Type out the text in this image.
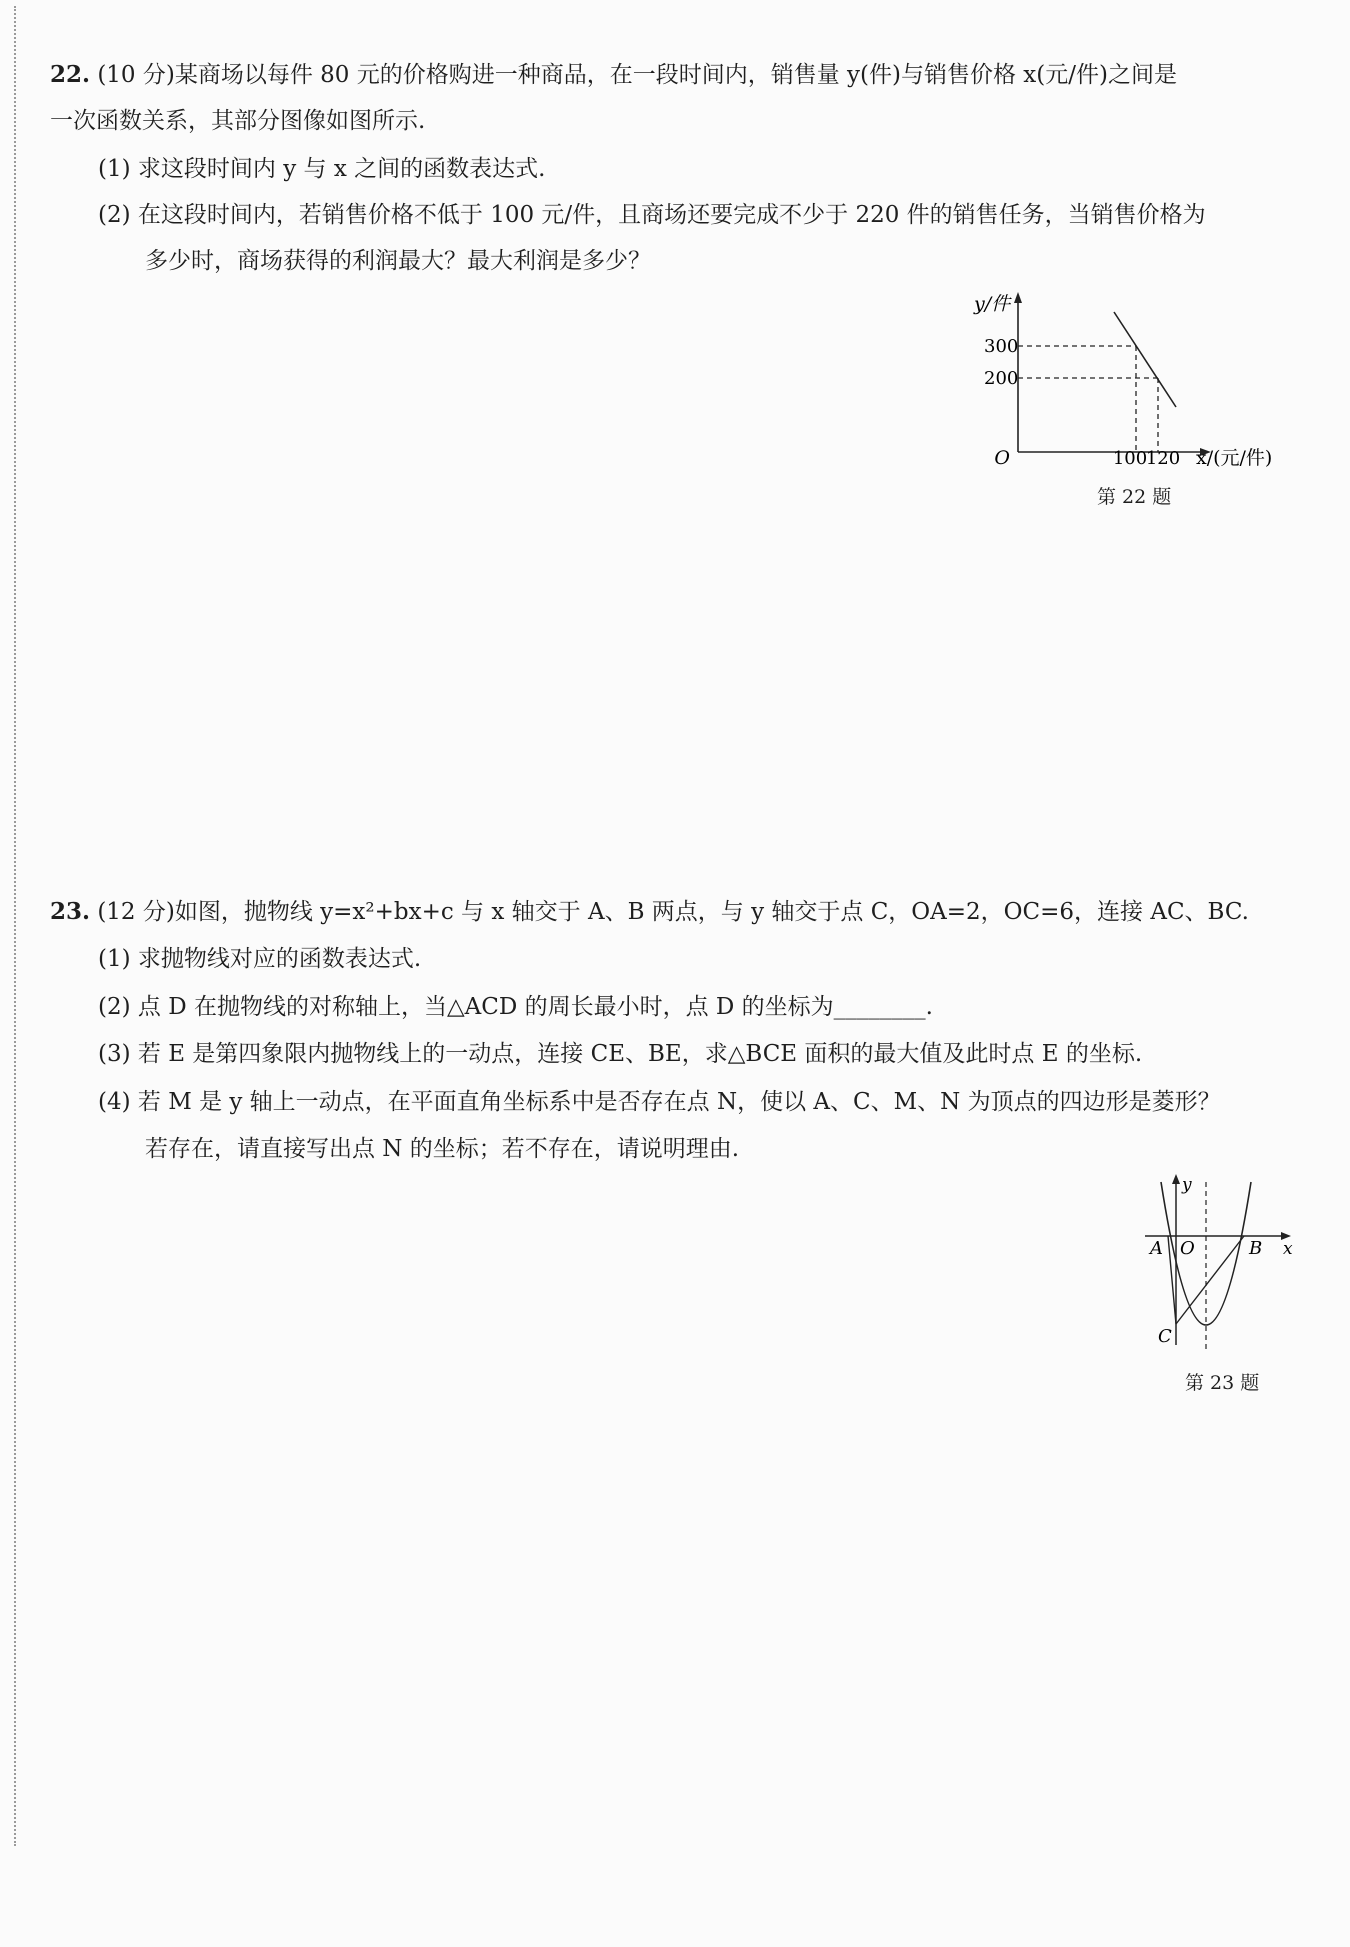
22. (10 分)某商场以每件 80 元的价格购进一种商品，在一段时间内，销售量 y(件)与销售价格 x(元/件)之间是
一次函数关系，其部分图像如图所示.
(1) 求这段时间内 y 与 x 之间的函数表达式.
(2) 在这段时间内，若销售价格不低于 100 元/件，且商场还要完成不少于 220 件的销售任务，当销售价格为
多少时，商场获得的利润最大？最大利润是多少？
y/件
300
200
O	100
120 x/(元/件)
第 22 题
23. (12 分)如图，抛物线 y=x²+bx+c 与 x 轴交于 A、B 两点，与 y 轴交于点 C，OA=2，OC=6，连接 AC、BC.
(1) 求抛物线对应的函数表达式.
(2) 点 D 在抛物线的对称轴上，当△ACD 的周长最小时，点 D 的坐标为________.
(3) 若 E 是第四象限内抛物线上的一动点，连接 CE、BE，求△BCE 面积的最大值及此时点 E 的坐标.
(4) 若 M 是 y 轴上一动点，在平面直角坐标系中是否存在点 N，使以 A、C、M、N 为顶点的四边形是菱形？
若存在，请直接写出点 N 的坐标；若不存在，请说明理由.
y
x
A O	B
C
第 23 题
